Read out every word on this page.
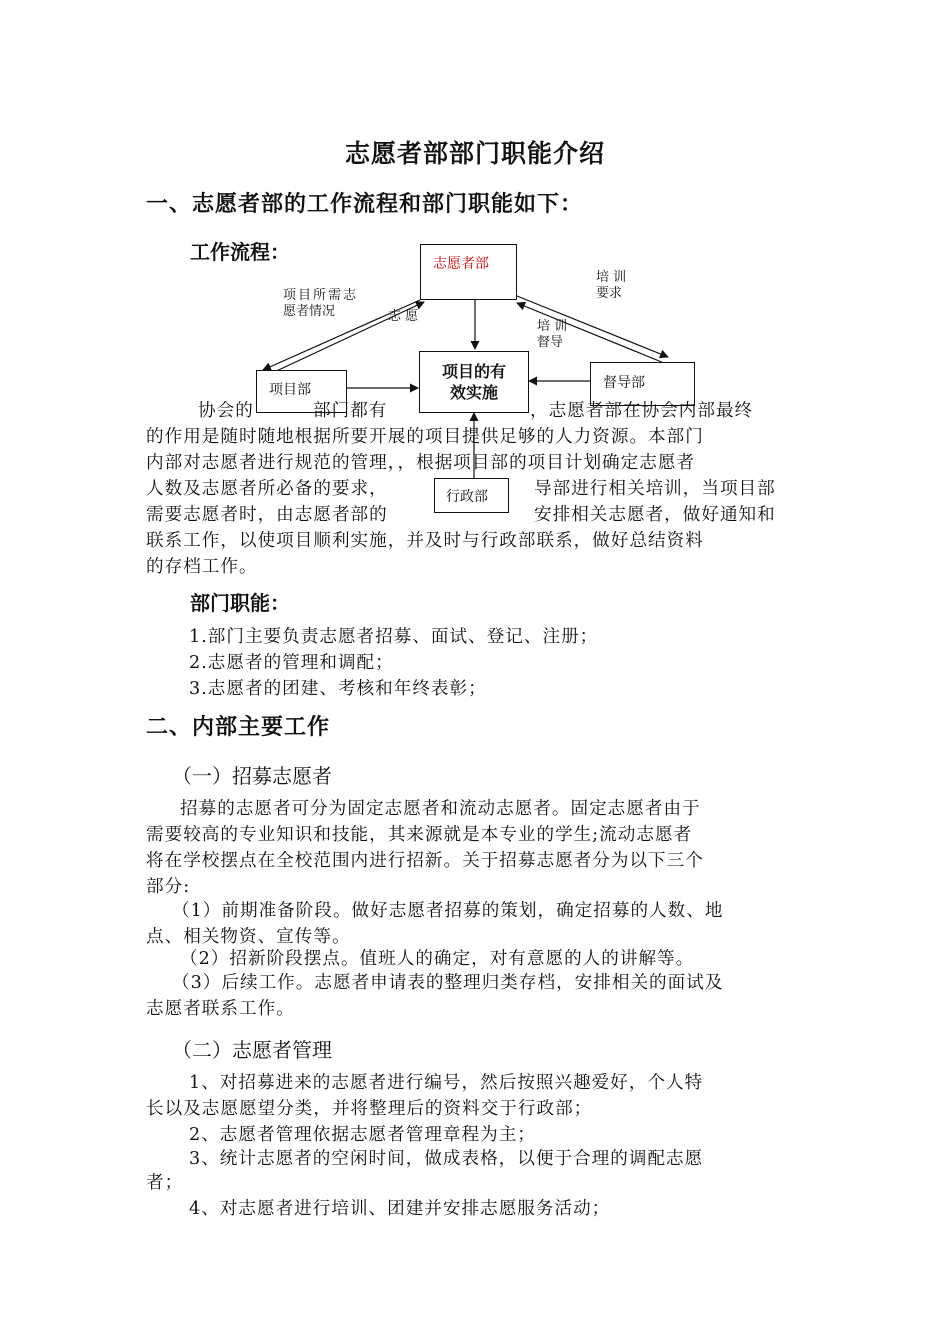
志愿者部部门职能介绍
一、志愿者部的工作流程和部门职能如下：
工作流程：
项目所需志
愿者情况	志 愿
培 训
要求
培 训
督导
志愿者部
项目部
项目的有
效实施	督导部
行政部
协会的	部门都有	，志愿者部在协会内部最终
的作用是随时随地根据所要开展的项目提供足够的人力资源。本部门
内部对志愿者进行规范的管理，，根据项目部的项目计划确定志愿者
人数及志愿者所必备的要求，	导部进行相关培训，当项目部
需要志愿者时，由志愿者部的	安排相关志愿者，做好通知和
联系工作，以使项目顺利实施，并及时与行政部联系，做好总结资料
的存档工作。
部门职能：
1.部门主要负责志愿者招募、面试、登记、注册；
2.志愿者的管理和调配；
3.志愿者的团建、考核和年终表彰；
二、内部主要工作
（一）招募志愿者
招募的志愿者可分为固定志愿者和流动志愿者。固定志愿者由于
需要较高的专业知识和技能，其来源就是本专业的学生;流动志愿者
将在学校摆点在全校范围内进行招新。关于招募志愿者分为以下三个
部分:
（1）前期准备阶段。做好志愿者招募的策划，确定招募的人数、地
点、相关物资、宣传等。
（2）招新阶段摆点。值班人的确定，对有意愿的人的讲解等。
（3）后续工作。志愿者申请表的整理归类存档，安排相关的面试及
志愿者联系工作。
（二）志愿者管理
1、对招募进来的志愿者进行编号，然后按照兴趣爱好，个人特
长以及志愿愿望分类，并将整理后的资料交于行政部；
2、志愿者管理依据志愿者管理章程为主；
3、统计志愿者的空闲时间，做成表格，以便于合理的调配志愿
者；
4、对志愿者进行培训、团建并安排志愿服务活动；
